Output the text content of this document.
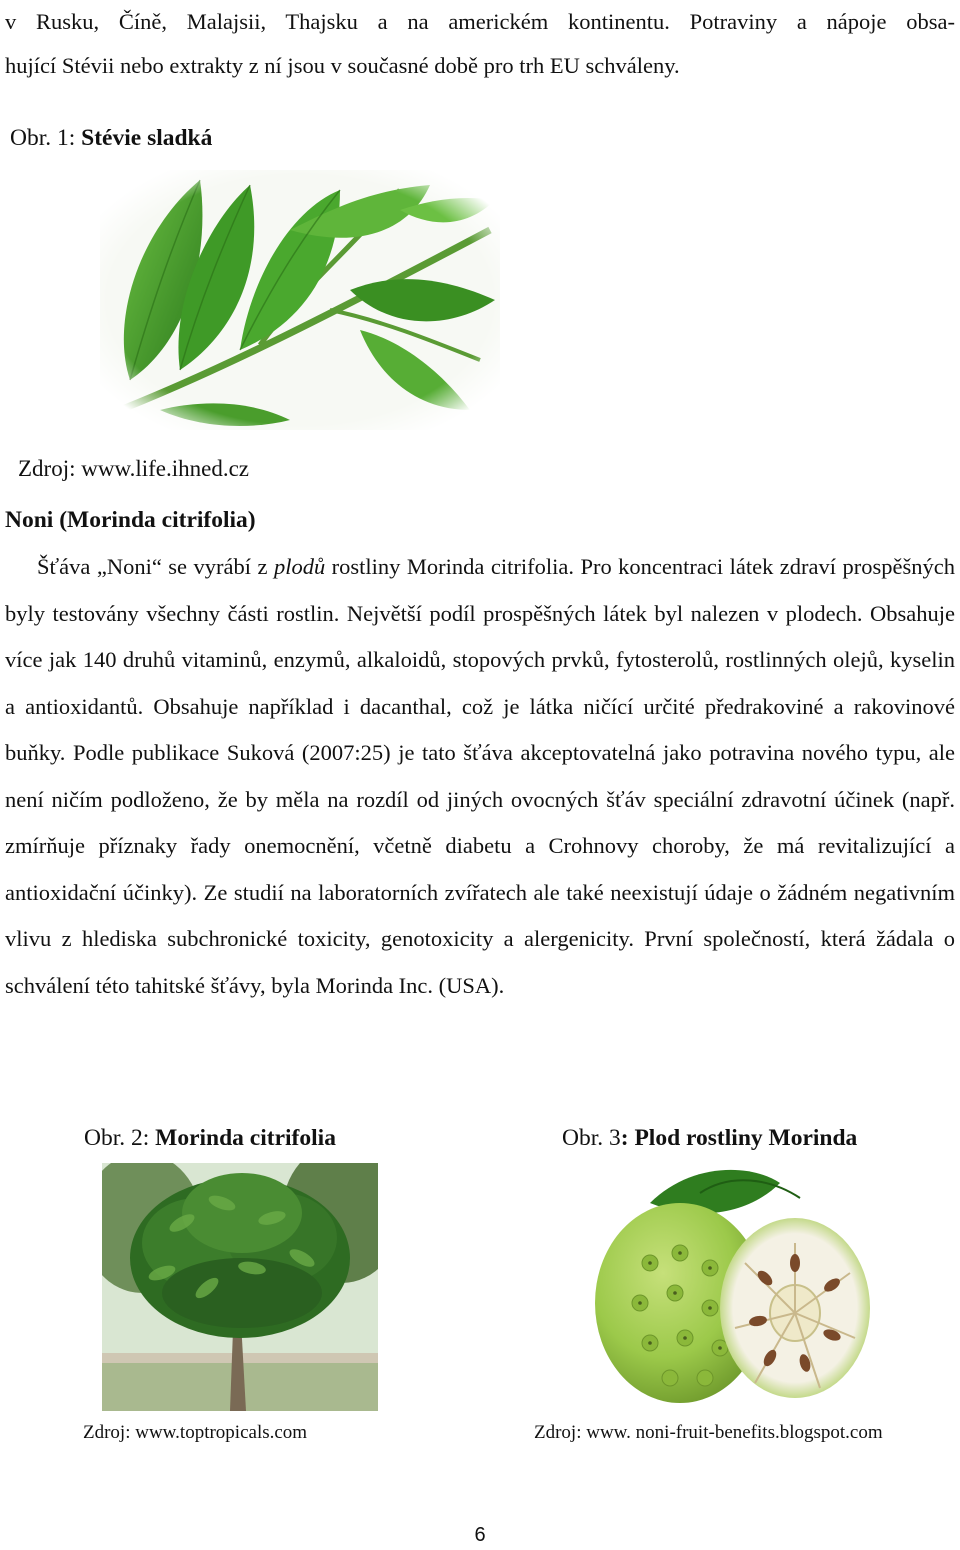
v Rusku, Číně, Malajsii, Thajsku a na americkém kontinentu. Potraviny a nápoje obsa-
hující Stévii nebo extrakty z ní jsou v současné době pro trh EU schváleny.
Obr. 1: Stévie sladká
Zdroj: www.life.ihned.cz
Noni (Morinda citrifolia)
Šťáva „Noni“ se vyrábí z plodů rostliny Morinda citrifolia. Pro koncentraci látek zdraví prospěšných byly testovány všechny části rostlin. Největší podíl prospěšných látek byl nalezen v plodech. Obsahuje více jak 140 druhů vitaminů, enzymů, alkaloidů, stopových prvků, fytosterolů, rostlinných olejů, kyselin a antioxidantů. Obsahuje například i dacanthal, což je látka ničící určité předrakoviné a rakovinové buňky. Podle publikace Suková (2007:25) je tato šťáva akceptovatelná jako potravina nového typu, ale není ničím podloženo, že by měla na rozdíl od jiných ovocných šťáv speciální zdravotní účinek (např. zmírňuje příznaky řady onemocnění, včetně diabetu a Crohnovy choroby, že má revitalizující a antioxidační účinky). Ze studií na laboratorních zvířatech ale také neexistují údaje o žádném negativním vlivu z hlediska subchronické toxicity, genotoxicity a alergenicity. První společností, která žádala o schválení této tahitské šťávy, byla Morinda Inc. (USA).
Obr. 2: Morinda citrifolia	Obr. 3: Plod rostliny Morinda
Zdroj: www.toptropicals.com	Zdroj: www. noni-fruit-benefits.blogspot.com
6
